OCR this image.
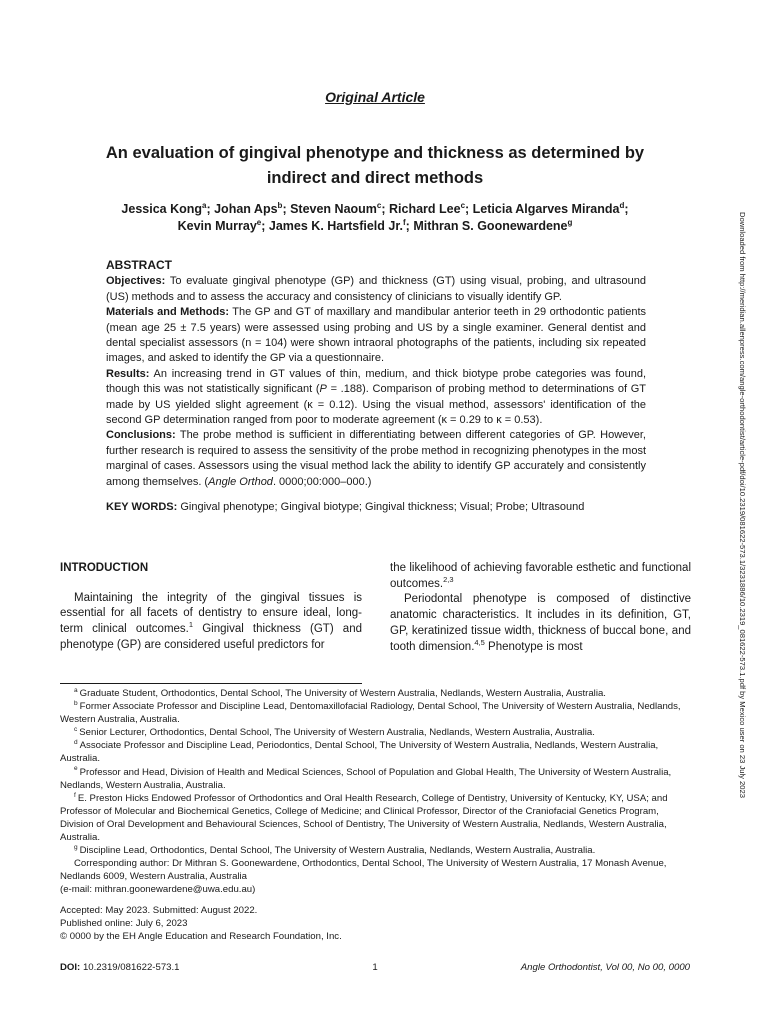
Original Article
An evaluation of gingival phenotype and thickness as determined by indirect and direct methods
Jessica Kong$^a$; Johan Aps$^b$; Steven Naoum$^c$; Richard Lee$^c$; Leticia Algarves Miranda$^d$;
Kevin Murray$^e$; James K. Hartsfield Jr.$^f$; Mithran S. Goonewardene$^g$
ABSTRACT

Objectives: To evaluate gingival phenotype (GP) and thickness (GT) using visual, probing, and ultrasound (US) methods and to assess the accuracy and consistency of clinicians to visually identify GP.

Materials and Methods: The GP and GT of maxillary and mandibular anterior teeth in 29 orthodontic patients (mean age 25 ± 7.5 years) were assessed using probing and US by a single examiner. General dentist and dental specialist assessors (n = 104) were shown intraoral photographs of the patients, including six repeated images, and asked to identify the GP via a questionnaire.

Results: An increasing trend in GT values of thin, medium, and thick biotype probe categories was found, though this was not statistically significant (P = .188). Comparison of probing method to determinations of GT made by US yielded slight agreement (κ = 0.12). Using the visual method, assessors' identification of the second GP determination ranged from poor to moderate agreement (κ = 0.29 to κ = 0.53).

Conclusions: The probe method is sufficient in differentiating between different categories of GP. However, further research is required to assess the sensitivity of the probe method in recognizing phenotypes in the most marginal of cases. Assessors using the visual method lack the ability to identify GP accurately and consistently among themselves. (Angle Orthod. 0000;00:000–000.)

KEY WORDS: Gingival phenotype; Gingival biotype; Gingival thickness; Visual; Probe; Ultrasound

INTRODUCTION

Maintaining the integrity of the gingival tissues is essential for all facets of dentistry to ensure ideal, long-term clinical outcomes.$^1$ Gingival thickness (GT) and phenotype (GP) are considered useful predictors for

the likelihood of achieving favorable esthetic and functional outcomes.$^{2,3}$

Periodontal phenotype is composed of distinctive anatomic characteristics. It includes in its definition, GT, GP, keratinized tissue width, thickness of buccal bone, and tooth dimension.$^{4,5}$ Phenotype is most

$^a$ Graduate Student, Orthodontics, Dental School, The University of Western Australia, Nedlands, Western Australia, Australia.
$^b$ Former Associate Professor and Discipline Lead, Dentomaxillofacial Radiology, Dental School, The University of Western Australia, Nedlands, Western Australia, Australia.
$^c$ Senior Lecturer, Orthodontics, Dental School, The University of Western Australia, Nedlands, Western Australia, Australia.
$^d$ Associate Professor and Discipline Lead, Periodontics, Dental School, The University of Western Australia, Nedlands, Western Australia, Australia.
$^e$ Professor and Head, Division of Health and Medical Sciences, School of Population and Global Health, The University of Western Australia, Nedlands, Western Australia, Australia.
$^f$ E. Preston Hicks Endowed Professor of Orthodontics and Oral Health Research, College of Dentistry, University of Kentucky, KY, USA; and Professor of Molecular and Biochemical Genetics, College of Medicine; and Clinical Professor, Director of the Craniofacial Genetics Program, Division of Oral Development and Behavioural Sciences, School of Dentistry, The University of Western Australia, Nedlands, Western Australia, Australia.
$^g$ Discipline Lead, Orthodontics, Dental School, The University of Western Australia, Nedlands, Western Australia, Australia.
Corresponding author: Dr Mithran S. Goonewardene, Orthodontics, Dental School, The University of Western Australia, 17 Monash Avenue, Nedlands 6009, Western Australia, Australia
(e-mail: mithran.goonewardene@uwa.edu.au)
Accepted: May 2023. Submitted: August 2022.
Published online: July 6, 2023
© 0000 by the EH Angle Education and Research Foundation, Inc.
DOI: 10.2319/081622-573.1	1	Angle Orthodontist, Vol 00, No 00, 0000
Downloaded from http://meridian.allenpress.com/angle-orthodontist/article-pdf/doi/10.2319/081622-573.1/3231886/10.2319_081622-573.1.pdf by Mexico user on 23 July 2023
